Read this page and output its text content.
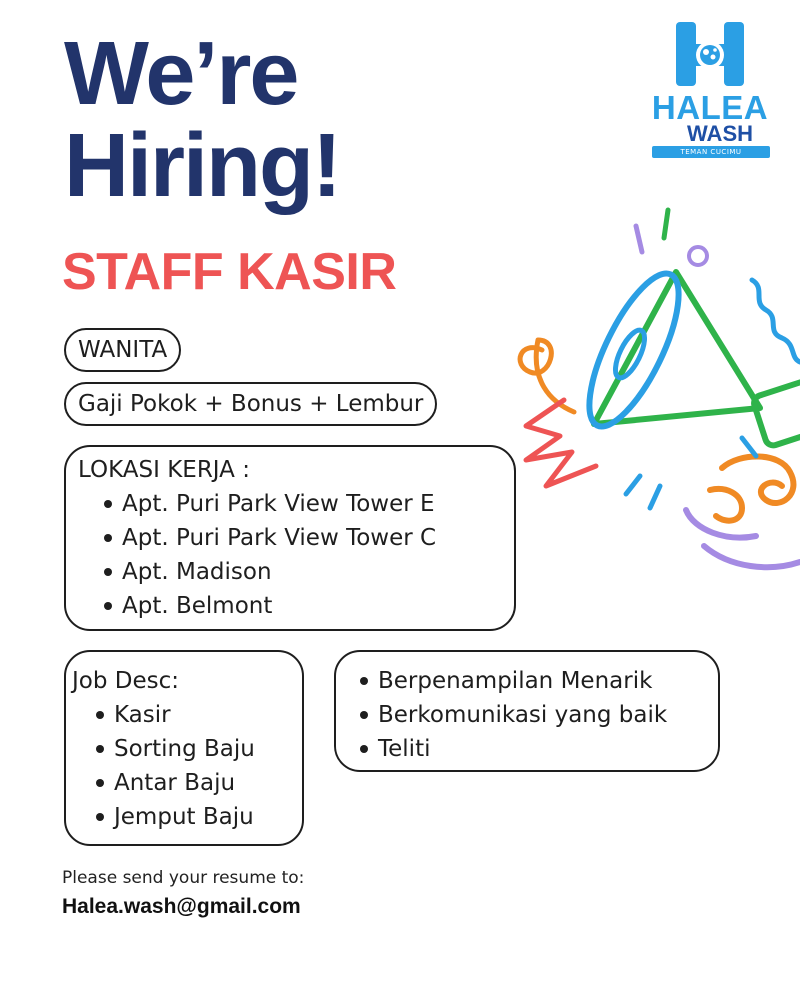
HALEA
WASH
TEMAN CUCIMU
We’re
Hiring!
STAFF KASIR
WANITA
Gaji Pokok + Bonus + Lembur
LOKASI KERJA :
Apt. Puri Park View Tower E
Apt. Puri Park View Tower C
Apt. Madison
Apt. Belmont
Job Desc:
Kasir
Sorting Baju
Antar Baju
Jemput Baju
Berpenampilan Menarik
Berkomunikasi yang baik
Teliti
Please send your resume to:
Halea.wash@gmail.com
